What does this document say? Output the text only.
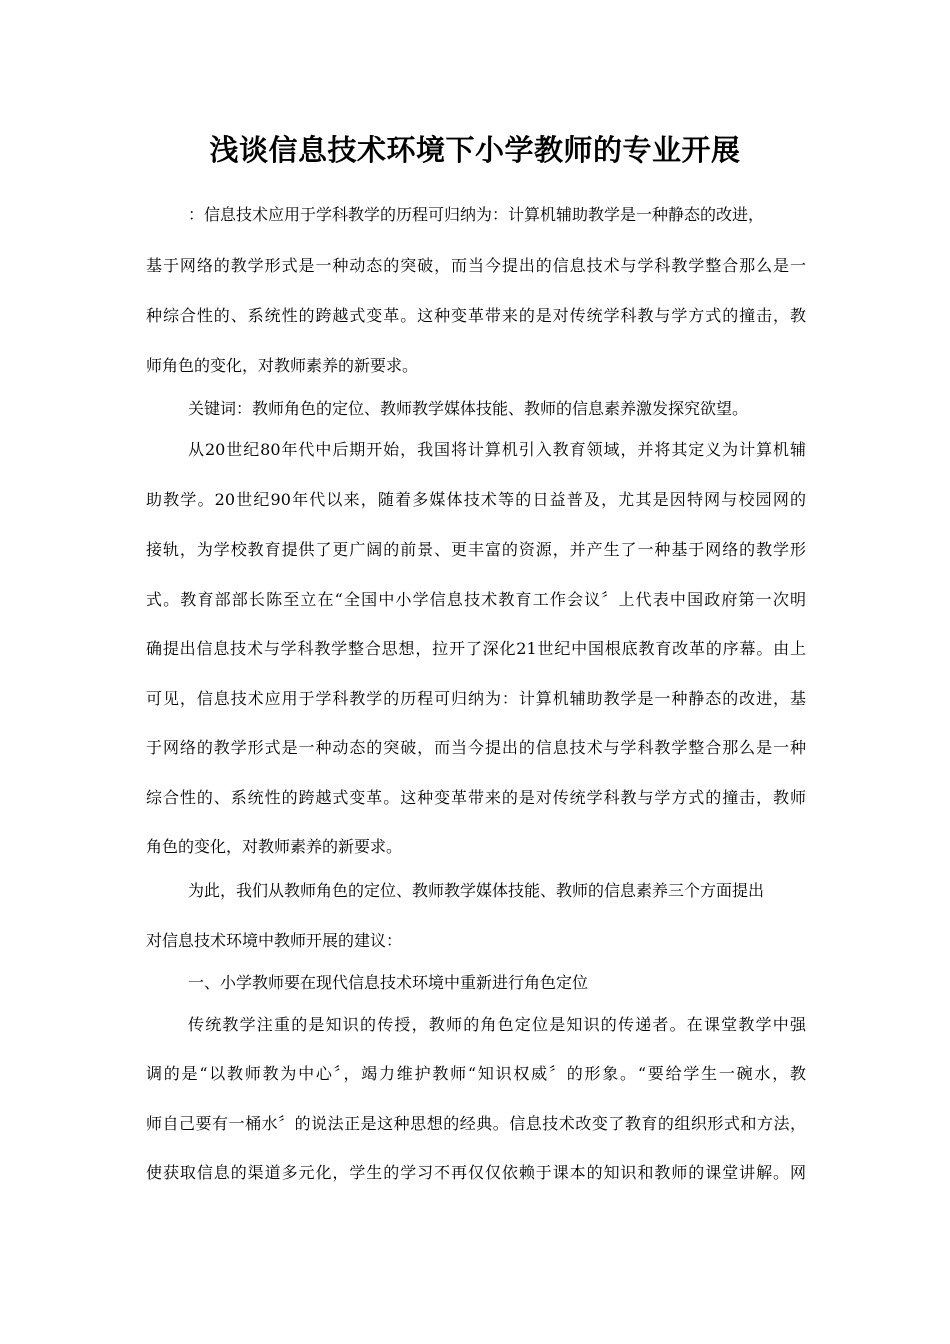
浅谈信息技术环境下小学教师的专业开展
：信息技术应用于学科教学的历程可归纳为：计算机辅助教学是一种静态的改进，
基于网络的教学形式是一种动态的突破，而当今提出的信息技术与学科教学整合那么是一
种综合性的、系统性的跨越式变革。这种变革带来的是对传统学科教与学方式的撞击，教
师角色的变化，对教师素养的新要求。
关键词：教师角色的定位、教师教学媒体技能、教师的信息素养激发探究欲望。
从20世纪80年代中后期开始，我国将计算机引入教育领域，并将其定义为计算机辅
助教学。20世纪90年代以来，随着多媒体技术等的日益普及，尤其是因特网与校园网的
接轨，为学校教育提供了更广阔的前景、更丰富的资源，并产生了一种基于网络的教学形
式。教育部部长陈至立在“全国中小学信息技术教育工作会议〞上代表中国政府第一次明
确提出信息技术与学科教学整合思想，拉开了深化21世纪中国根底教育改革的序幕。由上
可见，信息技术应用于学科教学的历程可归纳为：计算机辅助教学是一种静态的改进，基
于网络的教学形式是一种动态的突破，而当今提出的信息技术与学科教学整合那么是一种
综合性的、系统性的跨越式变革。这种变革带来的是对传统学科教与学方式的撞击，教师
角色的变化，对教师素养的新要求。
为此，我们从教师角色的定位、教师教学媒体技能、教师的信息素养三个方面提出
对信息技术环境中教师开展的建议：
一、小学教师要在现代信息技术环境中重新进行角色定位
传统教学注重的是知识的传授，教师的角色定位是知识的传递者。在课堂教学中强
调的是“以教师教为中心〞，竭力维护教师“知识权威〞的形象。“要给学生一碗水，教
师自己要有一桶水〞的说法正是这种思想的经典。信息技术改变了教育的组织形式和方法，
使获取信息的渠道多元化，学生的学习不再仅仅依赖于课本的知识和教师的课堂讲解。网
